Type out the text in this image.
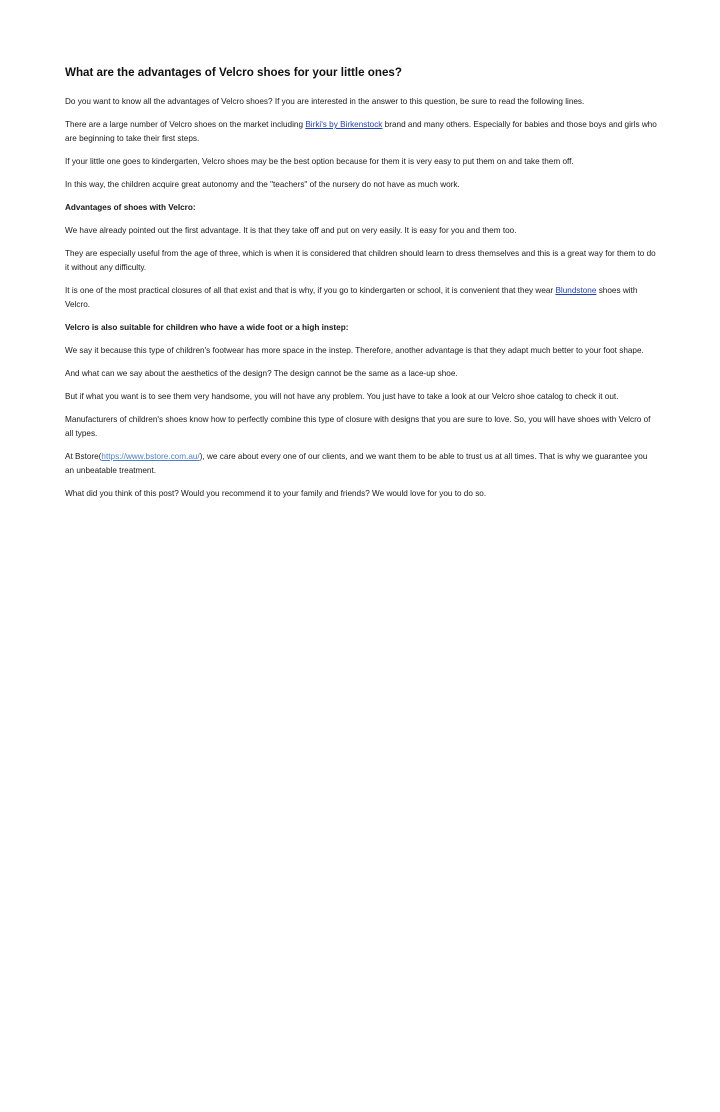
What are the advantages of Velcro shoes for your little ones?

Do you want to know all the advantages of Velcro shoes? If you are interested in the answer to this question, be sure to read the following lines.

There are a large number of Velcro shoes on the market including Birki's by Birkenstock brand and many others. Especially for babies and those boys and girls who are beginning to take their first steps.

If your little one goes to kindergarten, Velcro shoes may be the best option because for them it is very easy to put them on and take them off.

In this way, the children acquire great autonomy and the "teachers" of the nursery do not have as much work.

Advantages of shoes with Velcro:

We have already pointed out the first advantage. It is that they take off and put on very easily. It is easy for you and them too.

They are especially useful from the age of three, which is when it is considered that children should learn to dress themselves and this is a great way for them to do it without any difficulty.

It is one of the most practical closures of all that exist and that is why, if you go to kindergarten or school, it is convenient that they wear Blundstone shoes with Velcro.

Velcro is also suitable for children who have a wide foot or a high instep:

We say it because this type of children's footwear has more space in the instep. Therefore, another advantage is that they adapt much better to your foot shape.

And what can we say about the aesthetics of the design? The design cannot be the same as a lace-up shoe.

But if what you want is to see them very handsome, you will not have any problem. You just have to take a look at our Velcro shoe catalog to check it out.

Manufacturers of children's shoes know how to perfectly combine this type of closure with designs that you are sure to love. So, you will have shoes with Velcro of all types.

At Bstore(https://www.bstore.com.au/), we care about every one of our clients, and we want them to be able to trust us at all times. That is why we guarantee you an unbeatable treatment.

What did you think of this post? Would you recommend it to your family and friends? We would love for you to do so.
